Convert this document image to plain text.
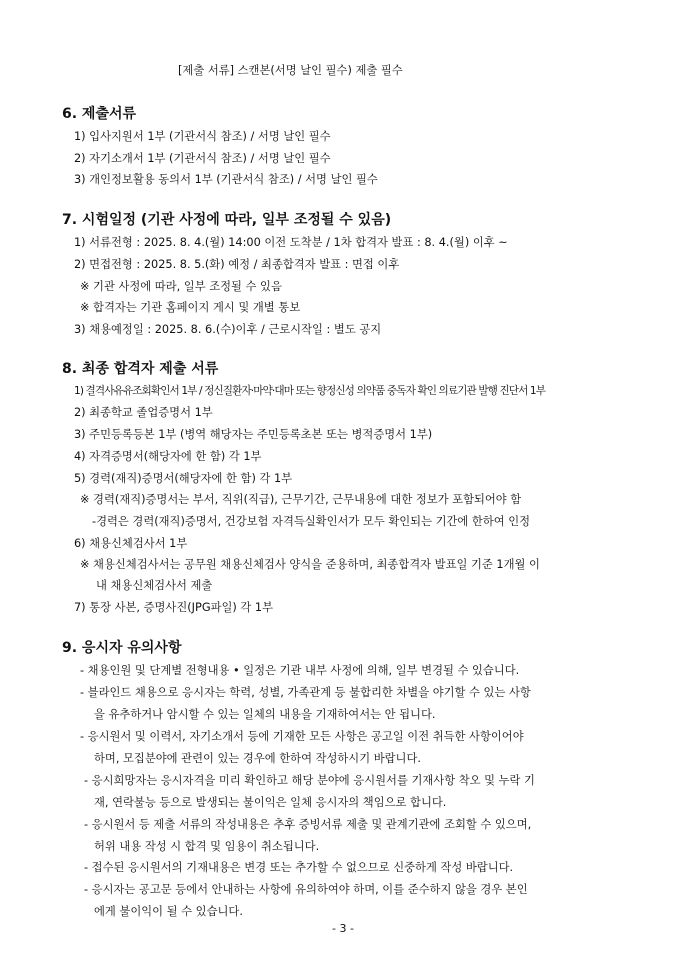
[제출 서류] 스캔본(서명 날인 필수) 제출 필수
6. 제출서류
1) 입사지원서 1부 (기관서식 참조) / 서명 날인 필수
2) 자기소개서 1부 (기관서식 참조) / 서명 날인 필수
3) 개인정보활용 동의서 1부 (기관서식 참조) / 서명 날인 필수
7. 시험일정 (기관 사정에 따라, 일부 조정될 수 있음)
1) 서류전형 : 2025. 8. 4.(월) 14:00 이전 도착분 / 1차 합격자 발표 : 8. 4.(월) 이후 ~
2) 면접전형 : 2025. 8. 5.(화) 예정 / 최종합격자 발표 : 면접 이후
※ 기관 사정에 따라, 일부 조정될 수 있음
※ 합격자는 기관 홈페이지 게시 및 개별 통보
3) 채용예정일 : 2025. 8. 6.(수)이후 / 근로시작일 : 별도 공지
8. 최종 합격자 제출 서류
1) 결격사유유조회확인서 1부 / 정신질환자·마약·대마 또는 향정신성 의약품 중독자 확인 의료기관 발행 진단서 1부
2) 최종학교 졸업증명서 1부
3) 주민등록등본 1부 (병역 해당자는 주민등록초본 또는 병적증명서 1부)
4) 자격증명서(해당자에 한 함) 각 1부
5) 경력(재직)증명서(해당자에 한 함) 각 1부
※ 경력(재직)증명서는 부서, 직위(직급), 근무기간, 근무내용에 대한 정보가 포함되어야 함
-경력은 경력(재직)증명서, 건강보험 자격득실확인서가 모두 확인되는 기간에 한하여 인정
6) 채용신체검사서 1부
※ 채용신체검사서는 공무원 채용신체검사 양식을 준용하며, 최종합격자 발표일 기준 1개월 이
내 채용신체검사서 제출
7) 통장 사본, 증명사진(JPG파일) 각 1부
9. 응시자 유의사항
- 채용인원 및 단계별 전형내용 • 일정은 기관 내부 사정에 의해, 일부 변경될 수 있습니다.
- 블라인드 채용으로 응시자는 학력, 성별, 가족관계 등 불합리한 차별을 야기할 수 있는 사항
을 유추하거나 암시할 수 있는 일체의 내용을 기재하여서는 안 됩니다.
- 응시원서 및 이력서, 자기소개서 등에 기재한 모든 사항은 공고일 이전 취득한 사항이어야
하며, 모집분야에 관련이 있는 경우에 한하여 작성하시기 바랍니다.
- 응시희망자는 응시자격을 미리 확인하고 해당 분야에 응시원서를 기재사항 착오 및 누락 기
재, 연락불능 등으로 발생되는 불이익은 일체 응시자의 책임으로 합니다.
- 응시원서 등 제출 서류의 작성내용은 추후 증빙서류 제출 및 관계기관에 조회할 수 있으며,
허위 내용 작성 시 합격 및 임용이 취소됩니다.
- 접수된 응시원서의 기재내용은 변경 또는 추가할 수 없으므로 신중하게 작성 바랍니다.
- 응시자는 공고문 등에서 안내하는 사항에 유의하여야 하며, 이를 준수하지 않을 경우 본인
에게 불이익이 될 수 있습니다.
- 3 -
